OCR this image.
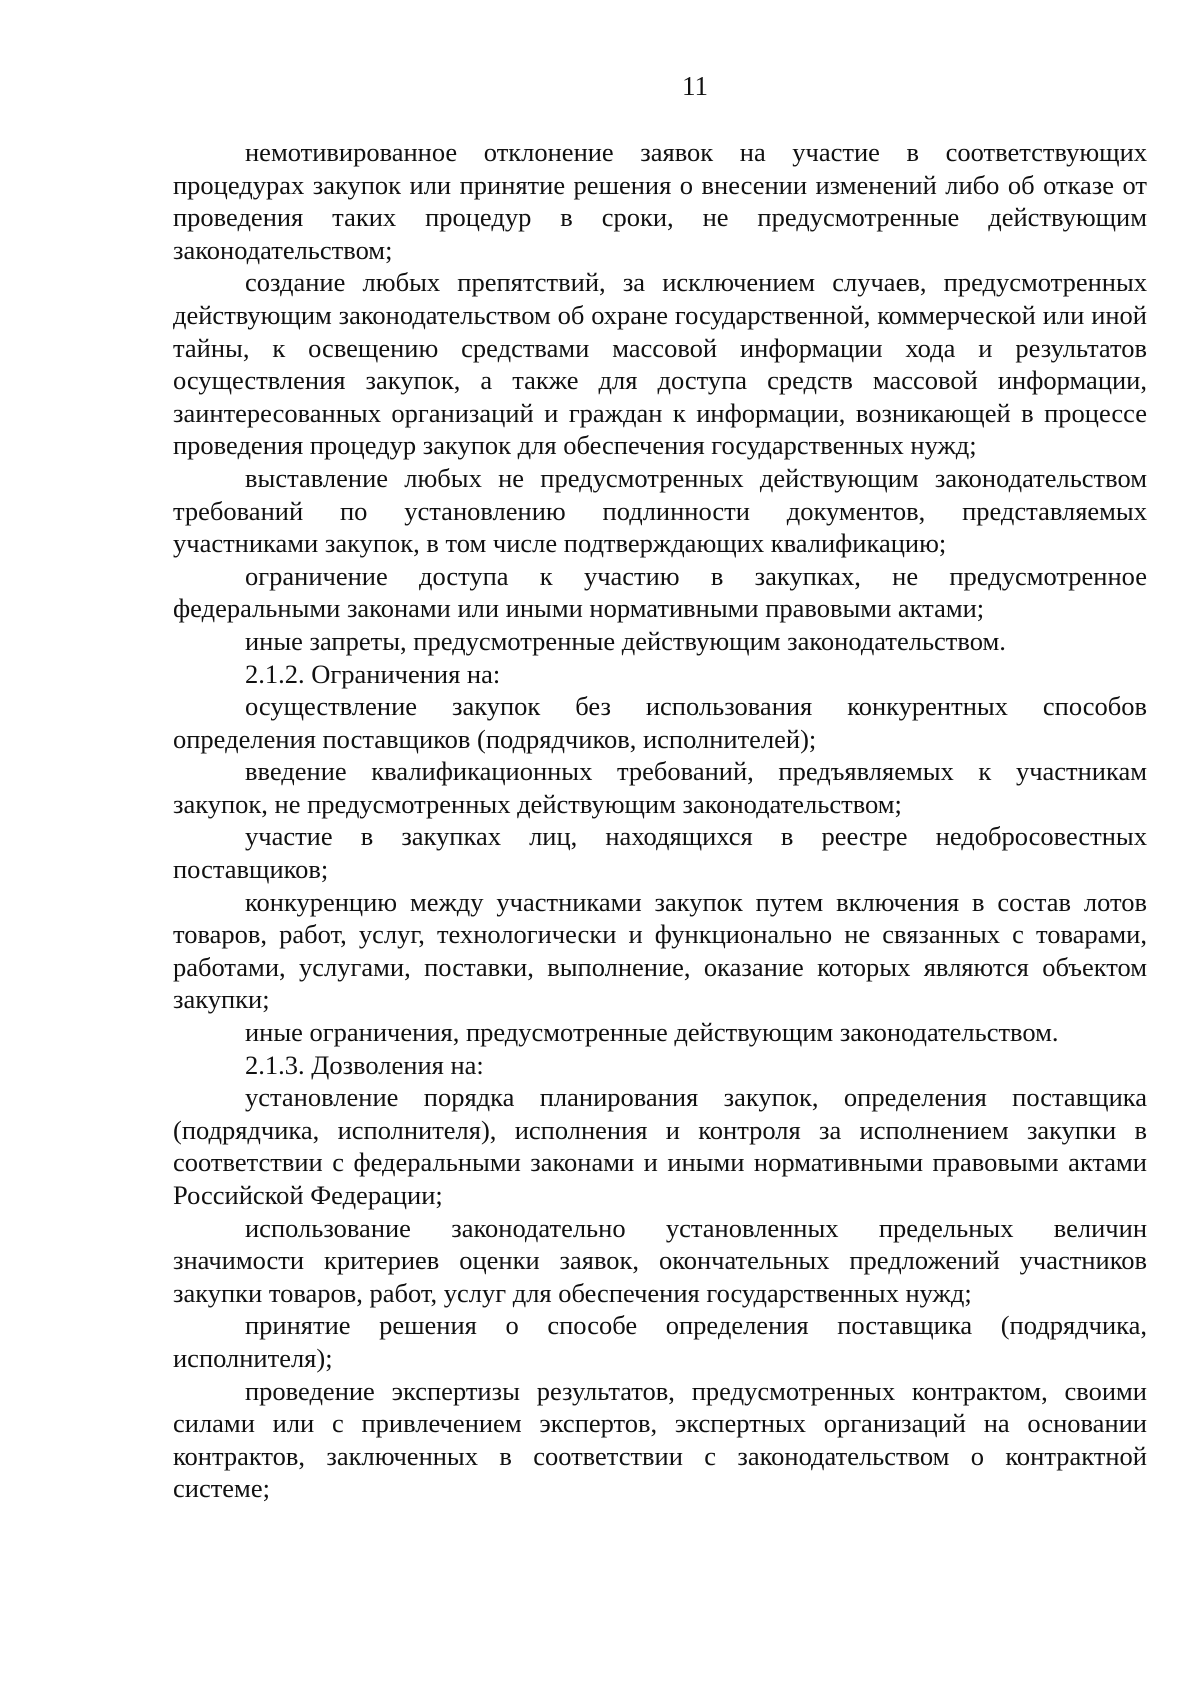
11

немотивированное отклонение заявок на участие в соответствующих процедурах закупок или принятие решения о внесении изменений либо об отказе от проведения таких процедур в сроки, не предусмотренные действующим законодательством;

создание любых препятствий, за исключением случаев, предусмотренных действующим законодательством об охране государственной, коммерческой или иной тайны, к освещению средствами массовой информации хода и результатов осуществления закупок, а также для доступа средств массовой информации, заинтересованных организаций и граждан к информации, возникающей в процессе проведения процедур закупок для обеспечения государственных нужд;

выставление любых не предусмотренных действующим законодательством требований по установлению подлинности документов, представляемых участниками закупок, в том числе подтверждающих квалификацию;

ограничение доступа к участию в закупках, не предусмотренное федеральными законами или иными нормативными правовыми актами;

иные запреты, предусмотренные действующим законодательством.

2.1.2. Ограничения на:

осуществление закупок без использования конкурентных способов определения поставщиков (подрядчиков, исполнителей);

введение квалификационных требований, предъявляемых к участникам закупок, не предусмотренных действующим законодательством;

участие в закупках лиц, находящихся в реестре недобросовестных поставщиков;

конкуренцию между участниками закупок путем включения в состав лотов товаров, работ, услуг, технологически и функционально не связанных с товарами, работами, услугами, поставки, выполнение, оказание которых являются объектом закупки;

иные ограничения, предусмотренные действующим законодательством.

2.1.3. Дозволения на:

установление порядка планирования закупок, определения поставщика (подрядчика, исполнителя), исполнения и контроля за исполнением закупки в соответствии с федеральными законами и иными нормативными правовыми актами Российской Федерации;

использование законодательно установленных предельных величин значимости критериев оценки заявок, окончательных предложений участников закупки товаров, работ, услуг для обеспечения государственных нужд;

принятие решения о способе определения поставщика (подрядчика, исполнителя);

проведение экспертизы результатов, предусмотренных контрактом, своими силами или с привлечением экспертов, экспертных организаций на основании контрактов, заключенных в соответствии с законодательством о контрактной системе;
